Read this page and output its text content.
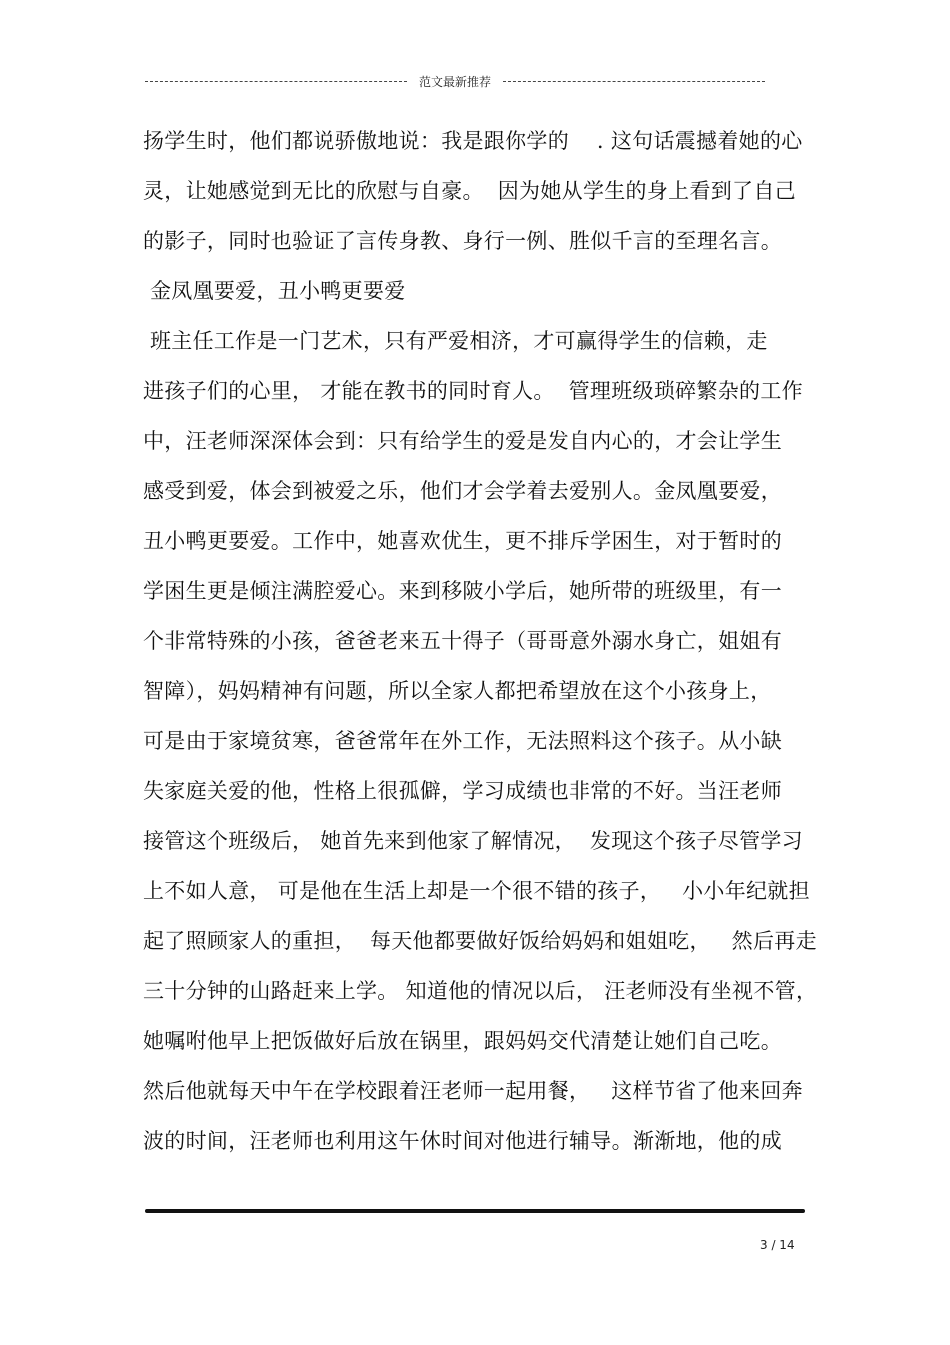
范文最新推荐
扬学生时，他们都说骄傲地说：我是跟你学的    . 这句话震撼着她的心
灵，让她感觉到无比的欣慰与自豪。  因为她从学生的身上看到了自己
的影子，同时也验证了言传身教、身行一例、胜似千言的至理名言。
金凤凰要爱，丑小鸭更要爱
班主任工作是一门艺术，只有严爱相济，才可赢得学生的信赖，走
进孩子们的心里， 才能在教书的同时育人。  管理班级琐碎繁杂的工作
中，汪老师深深体会到：只有给学生的爱是发自内心的，才会让学生
感受到爱，体会到被爱之乐，他们才会学着去爱别人。金凤凰要爱，
丑小鸭更要爱。工作中，她喜欢优生，更不排斥学困生，对于暂时的
学困生更是倾注满腔爱心。来到移陂小学后，她所带的班级里，有一
个非常特殊的小孩，爸爸老来五十得子（哥哥意外溺水身亡，姐姐有
智障），妈妈精神有问题，所以全家人都把希望放在这个小孩身上，
可是由于家境贫寒，爸爸常年在外工作，无法照料这个孩子。从小缺
失家庭关爱的他，性格上很孤僻，学习成绩也非常的不好。当汪老师
接管这个班级后， 她首先来到他家了解情况，  发现这个孩子尽管学习
上不如人意， 可是他在生活上却是一个很不错的孩子，   小小年纪就担
起了照顾家人的重担，  每天他都要做好饭给妈妈和姐姐吃，   然后再走
三十分钟的山路赶来上学。 知道他的情况以后， 汪老师没有坐视不管，
她嘱咐他早上把饭做好后放在锅里，跟妈妈交代清楚让她们自己吃。
然后他就每天中午在学校跟着汪老师一起用餐，   这样节省了他来回奔
波的时间，汪老师也利用这午休时间对他进行辅导。渐渐地，他的成
3 / 14
